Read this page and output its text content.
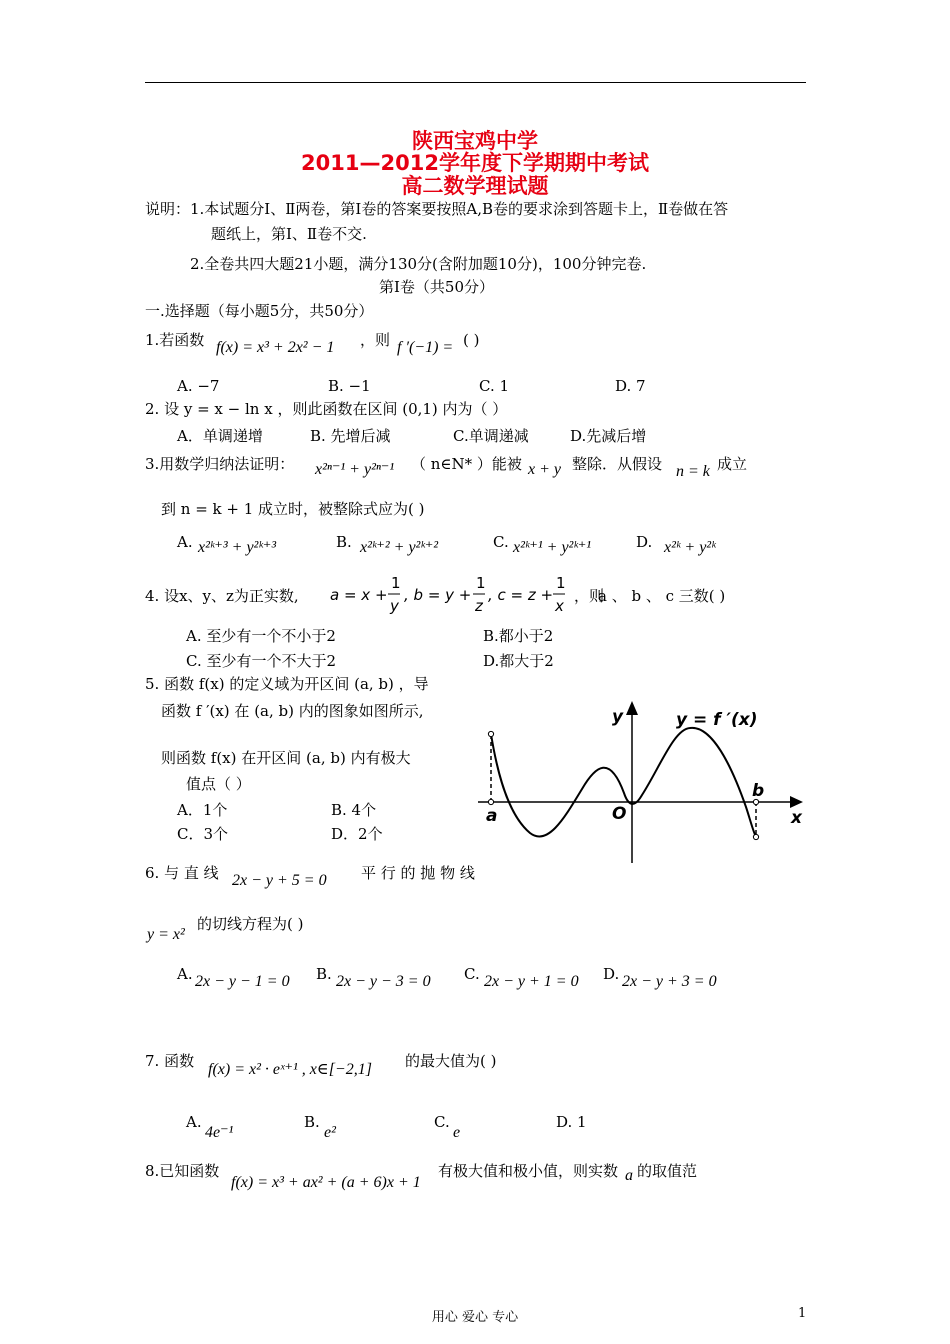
陕西宝鸡中学
2011—2012学年度下学期期中考试
高二数学理试题
说明：1.本试题分Ⅰ、Ⅱ两卷，第Ⅰ卷的答案要按照A,B卷的要求涂到答题卡上，Ⅱ卷做在答
题纸上，第Ⅰ、Ⅱ卷不交.
2.全卷共四大题21小题，满分130分(含附加题10分)，100分钟完卷.
第Ⅰ卷（共50分）
一.选择题（每小题5分，共50分）
1.若函数 f(x) = x³ + 2x² − 1 ，则 f ′(−1) = ( )
A. −7	B. −1	C. 1	D. 7
2. 设 y = x − ln x ，则此函数在区间 (0,1) 内为（ ）
A．单调递增	B. 先增后减	C.单调递减	D.先减后增
3.用数学归纳法证明： x²ⁿ⁻¹ + y²ⁿ⁻¹ （ n∈N* ）能被 x + y 整除．从假设 n = k 成立
到 n = k + 1 成立时，被整除式应为( )
A. x²ᵏ⁺³ + y²ᵏ⁺³	B. x²ᵏ⁺² + y²ᵏ⁺²	C. x²ᵏ⁺¹ + y²ᵏ⁺¹	D. x²ᵏ + y²ᵏ
4. 设x、y、z为正实数, a = x +
1
y
, b = y +
1
z
, c = z +
1
x
，则
a 、 b 、 c 三数( )
A. 至少有一个不小于2	B.都小于2
C. 至少有一个不大于2	D.都大于2
5. 函数 f(x) 的定义域为开区间 (a, b) ，导
函数 f ′(x) 在 (a, b) 内的图象如图所示,
则函数 f(x) 在开区间 (a, b) 内有极大
值点（ ）
A．1个	B. 4个
C．3个	D．2个
y	y = f ′(x)
a	O
b
x
6. 与 直 线 2x − y + 5 = 0 平 行 的 抛 物 线
y = x²
的切线方程为( )
A. 2x − y − 1 = 0 B. 2x − y − 3 = 0 C. 2x − y + 1 = 0 D. 2x − y + 3 = 0
7. 函数 f(x) = x² · eˣ⁺¹ , x∈[−2,1] 的最大值为( )
A.
4e⁻¹
B.
e²
C.
e
D. 1
8.已知函数
f(x) = x³ + ax² + (a + 6)x + 1
有极大值和极小值，则实数 a 的取值范
用心 爱心 专心	1
